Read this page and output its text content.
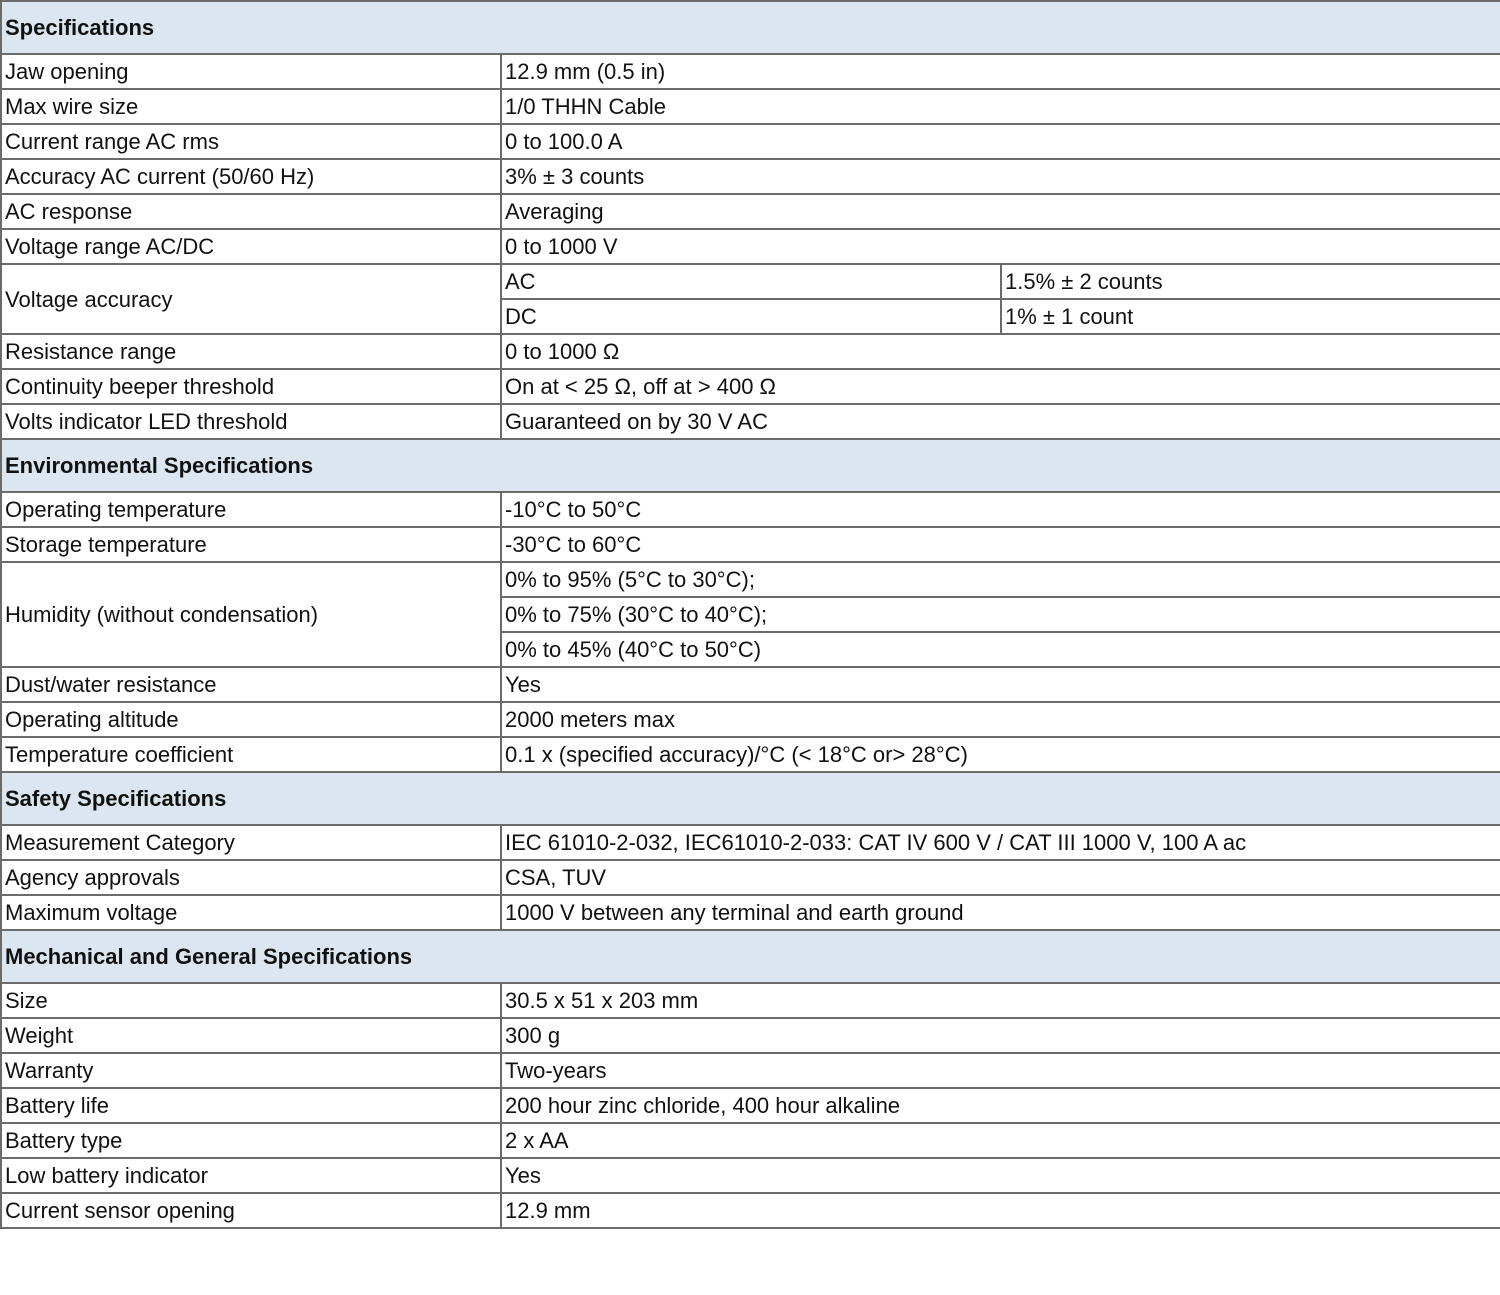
Specifications		
Jaw opening	12.9 mm (0.5 in)	
Max wire size	1/0 THHN Cable	
Current range AC rms	0 to 100.0 A	
Accuracy AC current (50/60 Hz)	3% ± 3 counts	
AC response	Averaging	
Voltage range AC/DC	0 to 1000 V	
Voltage accuracy	AC	1.5% ± 2 counts
	DC	1% ± 1 count
Resistance range	0 to 1000 Ω	
Continuity beeper threshold	On at < 25 Ω, off at > 400 Ω	
Volts indicator LED threshold	Guaranteed on by 30 V AC	
Environmental Specifications		
Operating temperature	-10°C to 50°C	
Storage temperature	-30°C to 60°C	
Humidity (without condensation)	0% to 95% (5°C to 30°C);	
	0% to 75% (30°C to 40°C);	
	0% to 45% (40°C to 50°C)	
Dust/water resistance	Yes	
Operating altitude	2000 meters max	
Temperature coefficient	0.1 x (specified accuracy)/°C (< 18°C or> 28°C)	
Safety Specifications		
Measurement Category	IEC 61010-2-032, IEC61010-2-033: CAT IV 600 V / CAT III 1000 V, 100 A ac	
Agency approvals	CSA, TUV	
Maximum voltage	1000 V between any terminal and earth ground	
Mechanical and General Specifications		
Size	30.5 x 51 x 203 mm	
Weight	300 g	
Warranty	Two-years	
Battery life	200 hour zinc chloride, 400 hour alkaline	
Battery type	2 x AA	
Low battery indicator	Yes	
Current sensor opening	12.9 mm	
